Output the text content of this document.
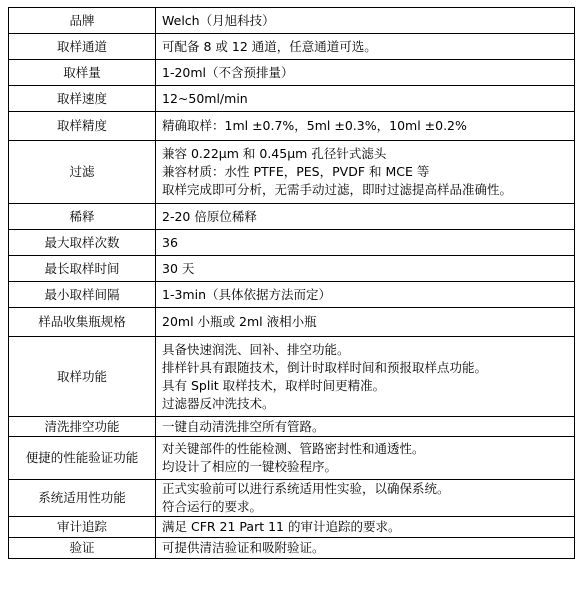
品牌	Welch（月旭科技）

取样通道	可配备 8 或 12 通道，任意通道可选。

取样量	1-20ml（不含预排量）

取样速度	12~50ml/min

取样精度	精确取样：1ml ±0.7%，5ml ±0.3%，10ml ±0.2%

过滤	兼容 0.22μm 和 0.45μm 孔径针式滤头
兼容材质：水性 PTFE，PES，PVDF 和 MCE 等
取样完成即可分析，无需手动过滤，即时过滤提高样品准确性。

稀释	2-20 倍原位稀释

最大取样次数	36

最长取样时间	30 天

最小取样间隔	1-3min（具体依据方法而定）

样品收集瓶规格	20ml 小瓶或 2ml 液相小瓶

取样功能	具备快速润洗、回补、排空功能。
排样针具有跟随技术，倒计时取样时间和预报取样点功能。
具有 Split 取样技术，取样时间更精准。
过滤器反冲洗技术。

清洗排空功能	一键自动清洗排空所有管路。

便捷的性能验证功能	对关键部件的性能检测、管路密封性和通透性。
均设计了相应的一键校验程序。

系统适用性功能	正式实验前可以进行系统适用性实验，以确保系统。
符合运行的要求。

审计追踪	满足 CFR 21 Part 11 的审计追踪的要求。

验证	可提供清洁验证和吸附验证。
